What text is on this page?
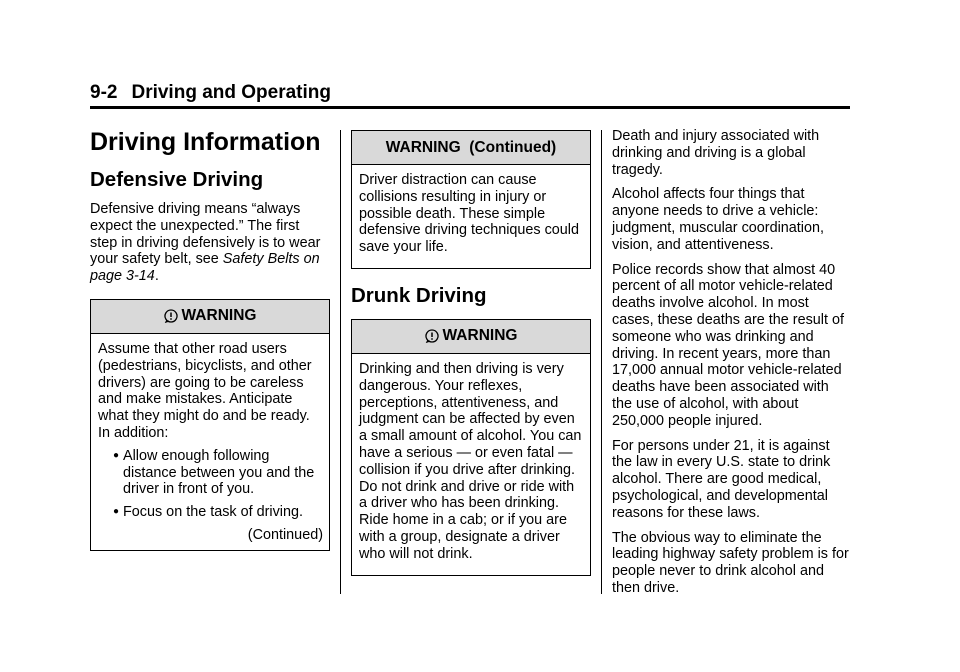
9-2 Driving and Operating
Driving Information
Defensive Driving

Defensive driving means “always expect the unexpected.” The first step in driving defensively is to wear your safety belt, see Safety Belts on page 3-14.

WARNING

Assume that other road users (pedestrians, bicyclists, and other drivers) are going to be careless and make mistakes. Anticipate what they might do and be ready. In addition:

● Allow enough following distance between you and the driver in front of you.
● Focus on the task of driving.
(Continued)
WARNING  (Continued)

Driver distraction can cause collisions resulting in injury or possible death. These simple defensive driving techniques could save your life.

Drunk Driving
WARNING

Drinking and then driving is very dangerous. Your reflexes, perceptions, attentiveness, and judgment can be affected by even a small amount of alcohol. You can have a serious — or even fatal — collision if you drive after drinking. Do not drink and drive or ride with a driver who has been drinking. Ride home in a cab; or if you are with a group, designate a driver who will not drink.

Death and injury associated with drinking and driving is a global tragedy.

Alcohol affects four things that anyone needs to drive a vehicle: judgment, muscular coordination, vision, and attentiveness.

Police records show that almost 40 percent of all motor vehicle-related deaths involve alcohol. In most cases, these deaths are the result of someone who was drinking and driving. In recent years, more than 17,000 annual motor vehicle-related deaths have been associated with the use of alcohol, with about 250,000 people injured.

For persons under 21, it is against the law in every U.S. state to drink alcohol. There are good medical, psychological, and developmental reasons for these laws.

The obvious way to eliminate the leading highway safety problem is for people never to drink alcohol and then drive.
